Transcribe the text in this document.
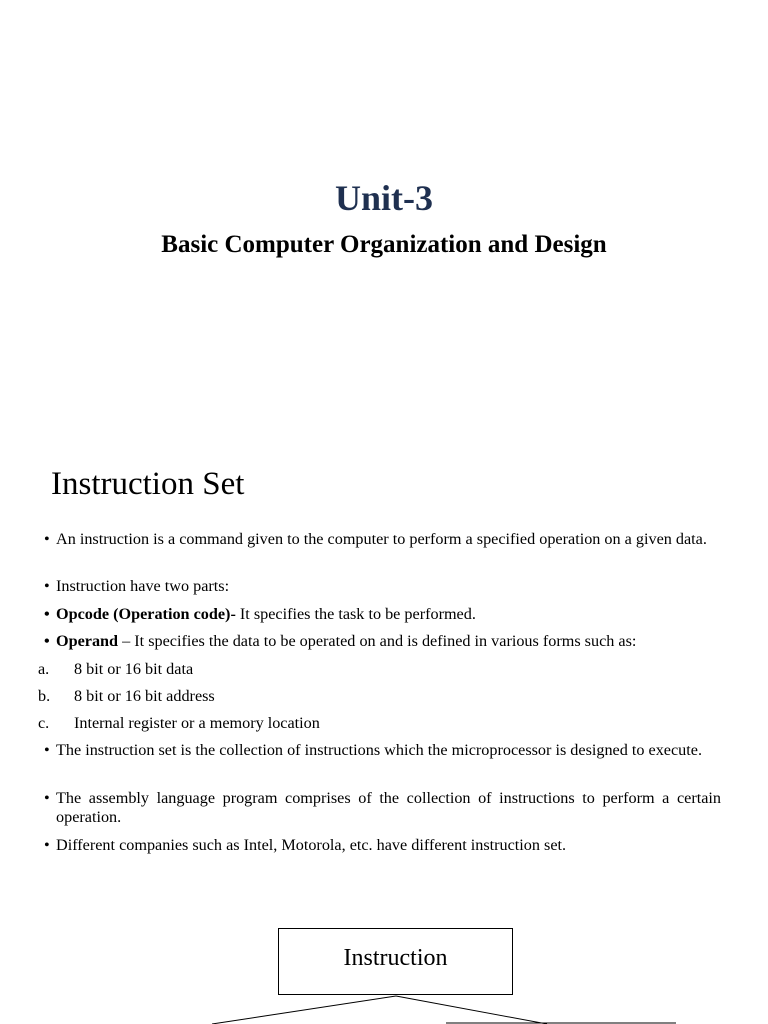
Unit-3
Basic Computer Organization and Design
Instruction Set
• An instruction is a command given to the computer to perform a specified operation on a given data.
• Instruction have two parts:
• Opcode (Operation code)- It specifies the task to be performed.
• Operand – It specifies the data to be operated on and is defined in various forms such as:
a. 8 bit or 16 bit data
b. 8 bit or 16 bit address
c. Internal register or a memory location
• The instruction set is the collection of instructions which the microprocessor is designed to execute.
• The assembly language program comprises of the collection of instructions to perform a certain operation.
• Different companies such as Intel, Motorola, etc. have different instruction set.
Instruction
